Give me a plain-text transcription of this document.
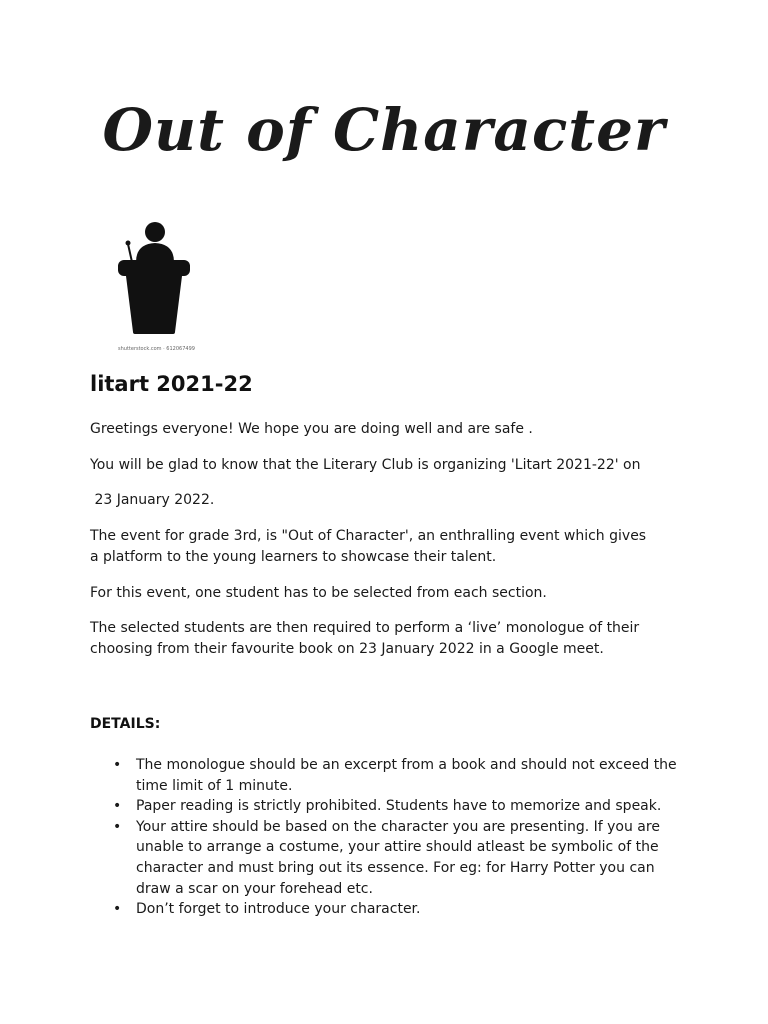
Out of Character
shutterstock.com · 612067499
litart 2021-22

Greetings everyone! We hope you are doing well and are safe .

You will be glad to know that the Literary Club is organizing 'Litart 2021-22' on

23 January 2022.

The event for grade 3rd, is "Out of Character', an enthralling event which gives a platform to the young learners to showcase their talent.

For this event, one student has to be selected from each section.

The selected students are then required to perform a ‘live’ monologue of their choosing from their favourite book on 23 January 2022 in a Google meet.

DETAILS:
• The monologue should be an excerpt from a book and should not exceed the time limit of 1 minute.
• Paper reading is strictly prohibited. Students have to memorize and speak.
• Your attire should be based on the character you are presenting. If you are unable to arrange a costume, your attire should atleast be symbolic of the character and must bring out its essence. For eg: for Harry Potter you can draw a scar on your forehead etc.
• Don’t forget to introduce your character.
